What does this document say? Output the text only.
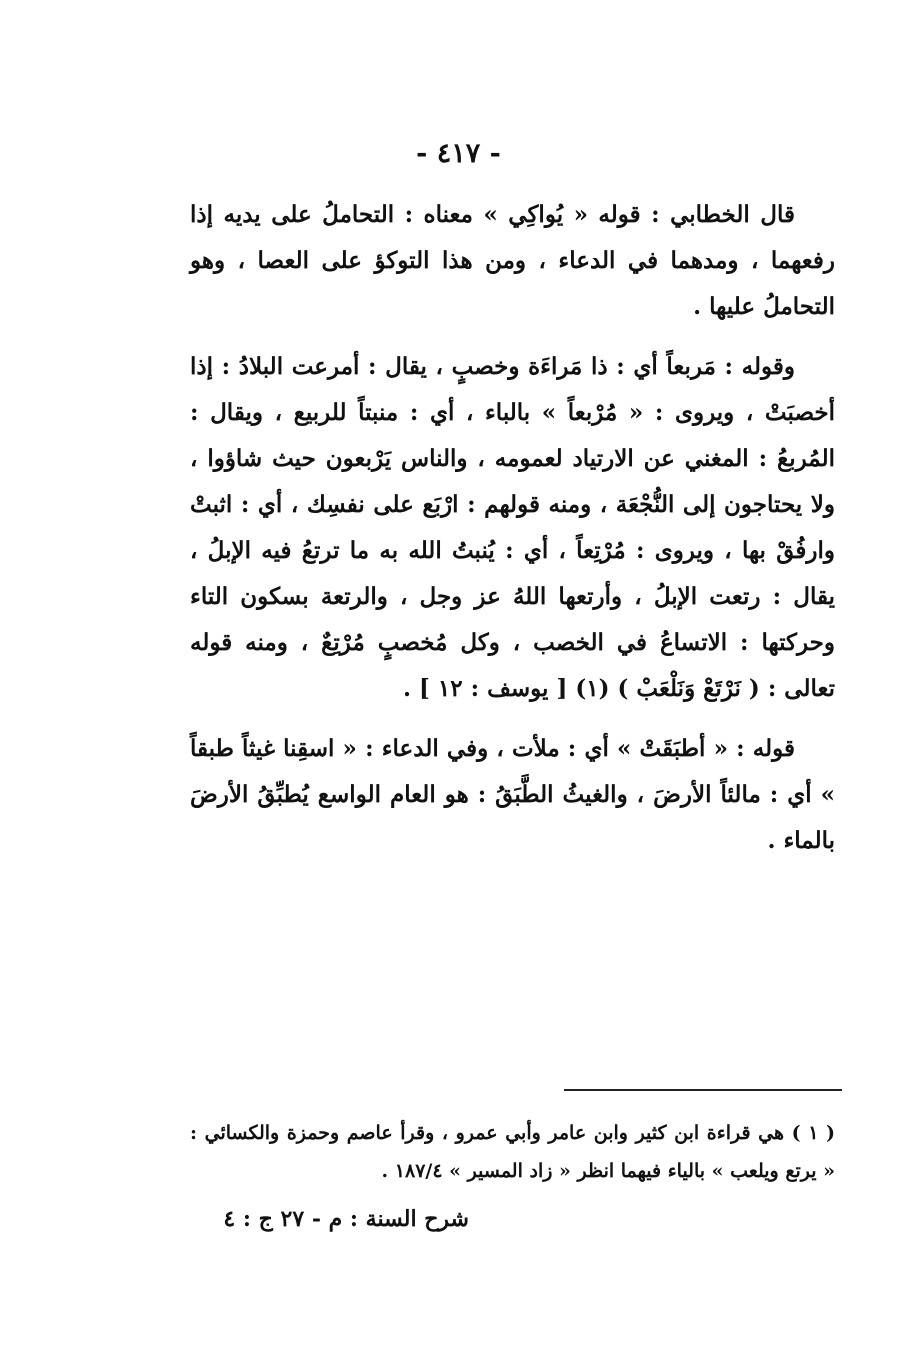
- ٤١٧ -

قال الخطابي : قوله « يُواكِي » معناه : التحاملُ على يديه إذا رفعهما ، ومدهما في الدعاء ، ومن هذا التوكؤ على العصا ، وهو التحاملُ عليها .

وقوله : مَربعاً أي : ذا مَراءَة وخصبٍ ، يقال : أمرعت البلادُ : إذا أخصبَتْ ، ويروى : « مُرْبعاً » بالباء ، أي : منبتاً للربيع ، ويقال : المُربعُ : المغني عن الارتياد لعمومه ، والناس يَرْبعون حيث شاؤوا ، ولا يحتاجون إلى النُّجْعَة ، ومنه قولهم : ارْبَع على نفسِك ، أي : اثبتْ وارفُقْ بها ، ويروى : مُرْتِعاً ، أي : يُنبتُ الله به ما ترتعُ فيه الإبلُ ، يقال : رتعت الإبلُ ، وأرتعها اللهُ عز وجل ، والرتعة بسكون التاء وحركتها : الاتساعُ في الخصب ، وكل مُخصبٍ مُرْتِعٌ ، ومنه قوله تعالى : ( نَرْتَعْ وَنَلْعَبْ ) (١) [ يوسف : ١٢ ] .

قوله : « أطبَقَتْ » أي : ملأت ، وفي الدعاء : « اسقِنا غيثاً طبقاً » أي : مالئاً الأرضَ ، والغيثُ الطَّبَقُ : هو العام الواسع يُطبِّقُ الأرضَ بالماء .

( ١ ) هي قراءة ابن كثير وابن عامر وأبي عمرو ، وقرأ عاصم وحمزة والكسائي : « يرتع ويلعب » بالياء فيهما انظر « زاد المسير » ١٨٧/٤ .
شرح السنة : م - ٢٧ ج : ٤
